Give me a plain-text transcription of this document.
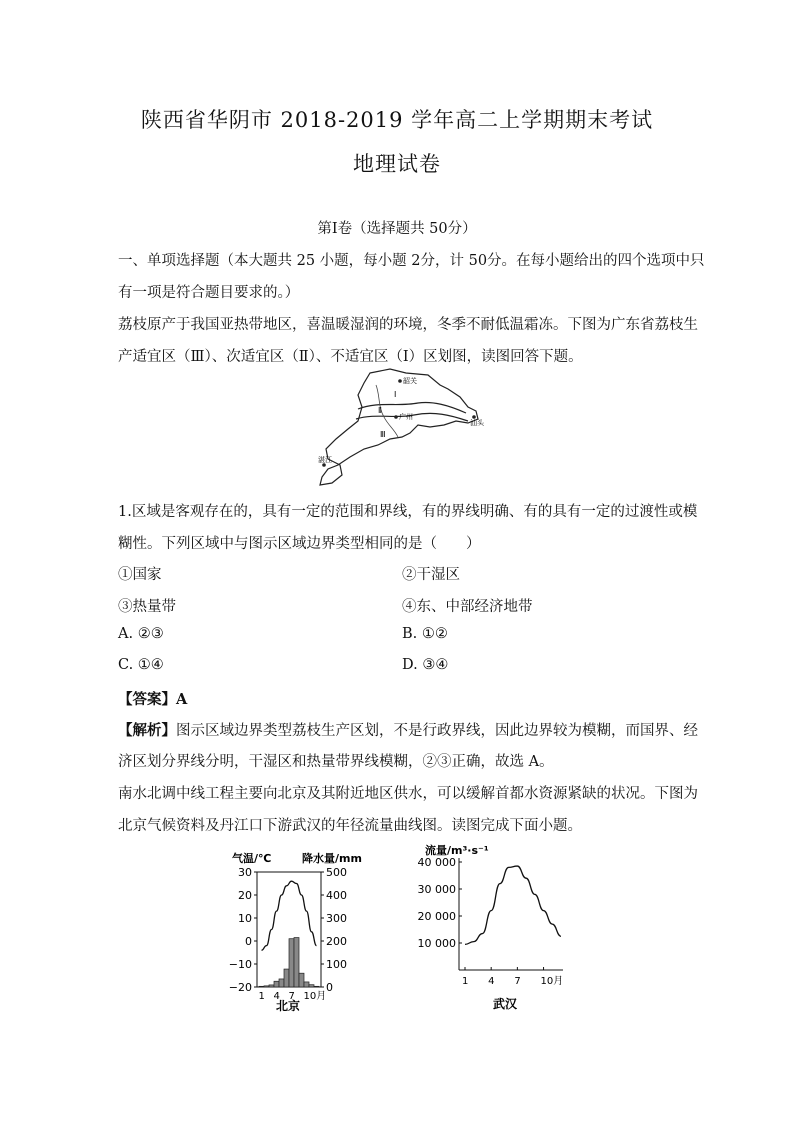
陕西省华阴市 2018-2019 学年高二上学期期末考试
地理试卷
第Ⅰ卷（选择题共 50分）
一、单项选择题（本大题共 25 小题，每小题 2分，计 50分。在每小题给出的四个选项中只
有一项是符合题目要求的。）
荔枝原产于我国亚热带地区，喜温暖湿润的环境，冬季不耐低温霜冻。下图为广东省荔枝生
产适宜区（Ⅲ）、次适宜区（Ⅱ）、不适宜区（Ⅰ）区划图，读图回答下题。
韶关
广州
汕头
湛江
Ⅰ
Ⅱ
Ⅲ
1.区域是客观存在的，具有一定的范围和界线，有的界线明确、有的具有一定的过渡性或模
糊性。下列区域中与图示区域边界类型相同的是（　　）
①国家	②干湿区
③热量带	④东、中部经济地带
A. ②③	B. ①②
C. ①④	D. ③④
【答案】A
【解析】图示区域边界类型荔枝生产区划，不是行政界线，因此边界较为模糊，而国界、经
济区划分界线分明，干湿区和热量带界线模糊，②③正确，故选 A。
南水北调中线工程主要向北京及其附近地区供水，可以缓解首都水资源紧缺的状况。下图为
北京气候资料及丹江口下游武汉的年径流量曲线图。读图完成下面小题。
气温/℃	降水量/mm
30
20
10
0
−10
−20
500
400
300
200
100
0
1 4 7 10月
北京
流量/m³·s⁻¹
40 000
30 000
20 000
10 000
1 4 7 10月
武汉
